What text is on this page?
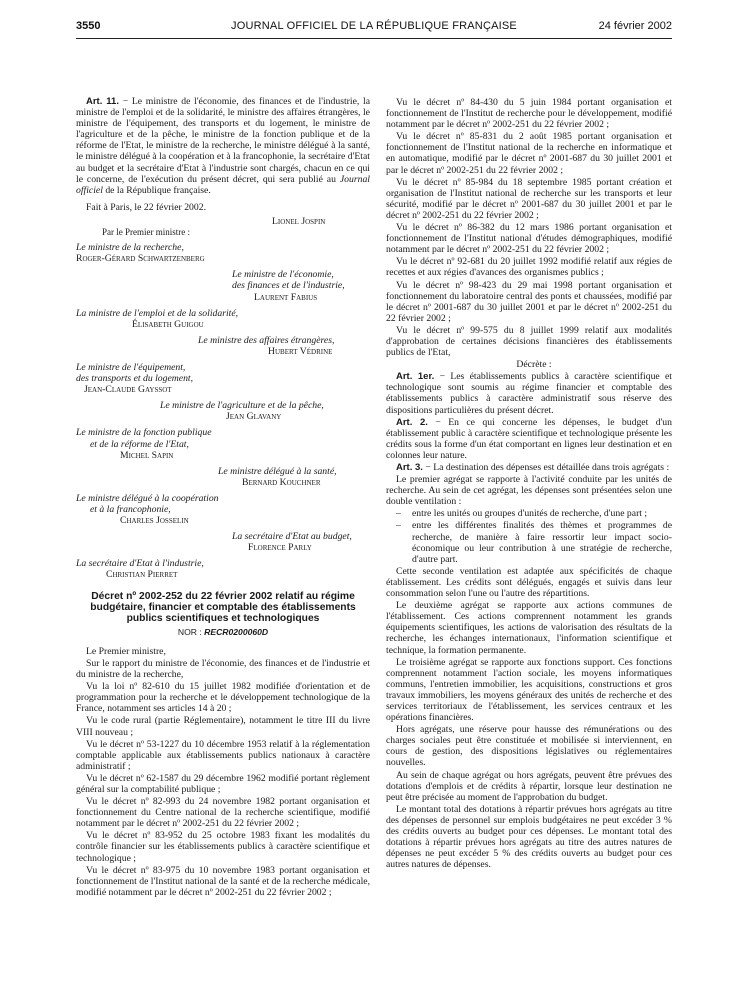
3550	JOURNAL OFFICIEL DE LA RÉPUBLIQUE FRANÇAISE	24 février 2002

Art. 11. − Le ministre de l'économie, des finances et de l'industrie, la ministre de l'emploi et de la solidarité, le ministre des affaires étrangères, le ministre de l'équipement, des transports et du logement, le ministre de l'agriculture et de la pêche, le ministre de la fonction publique et de la réforme de l'Etat, le ministre de la recherche, le ministre délégué à la santé, le ministre délégué à la coopération et à la francophonie, la secrétaire d'Etat au budget et la secrétaire d'Etat à l'industrie sont chargés, chacun en ce qui le concerne, de l'exécution du présent décret, qui sera publié au Journal officiel de la République française.

Fait à Paris, le 22 février 2002.

Lionel Jospin
Par le Premier ministre :
Le ministre de la recherche,
Roger-Gérard Schwartzenberg
Le ministre de l'économie,
des finances et de l'industrie,
Laurent Fabius
La ministre de l'emploi et de la solidarité,
Élisabeth Guigou
Le ministre des affaires étrangères,
Hubert Védrine
Le ministre de l'équipement,
des transports et du logement,
Jean-Claude Gayssot
Le ministre de l'agriculture et de la pêche,
Jean Glavany
Le ministre de la fonction publique
et de la réforme de l'Etat,
Michel Sapin
Le ministre délégué à la santé,
Bernard Kouchner
Le ministre délégué à la coopération
et à la francophonie,
Charles Josselin
La secrétaire d'Etat au budget,
Florence Parly
La secrétaire d'Etat à l'industrie,
Christian Pierret
Décret nº 2002-252 du 22 février 2002 relatif au régime budgétaire, financier et comptable des établissements publics scientifiques et technologiques
NOR : RECR0200060D

Le Premier ministre,

Sur le rapport du ministre de l'économie, des finances et de l'industrie et du ministre de la recherche,

Vu la loi nº 82-610 du 15 juillet 1982 modifiée d'orientation et de programmation pour la recherche et le développement technologique de la France, notamment ses articles 14 à 20 ;

Vu le code rural (partie Réglementaire), notamment le titre III du livre VIII nouveau ;

Vu le décret nº 53-1227 du 10 décembre 1953 relatif à la réglementation comptable applicable aux établissements publics nationaux à caractère administratif ;

Vu le décret nº 62-1587 du 29 décembre 1962 modifié portant règlement général sur la comptabilité publique ;

Vu le décret nº 82-993 du 24 novembre 1982 portant organisation et fonctionnement du Centre national de la recherche scientifique, modifié notamment par le décret nº 2002-251 du 22 février 2002 ;

Vu le décret nº 83-952 du 25 octobre 1983 fixant les modalités du contrôle financier sur les établissements publics à caractère scientifique et technologique ;

Vu le décret nº 83-975 du 10 novembre 1983 portant organisation et fonctionnement de l'Institut national de la santé et de la recherche médicale, modifié notamment par le décret nº 2002-251 du 22 février 2002 ;

Vu le décret nº 84-430 du 5 juin 1984 portant organisation et fonctionnement de l'Institut de recherche pour le développement, modifié notamment par le décret nº 2002-251 du 22 février 2002 ;

Vu le décret nº 85-831 du 2 août 1985 portant organisation et fonctionnement de l'Institut national de la recherche en informatique et en automatique, modifié par le décret nº 2001-687 du 30 juillet 2001 et par le décret nº 2002-251 du 22 février 2002 ;

Vu le décret nº 85-984 du 18 septembre 1985 portant création et organisation de l'Institut national de recherche sur les transports et leur sécurité, modifié par le décret nº 2001-687 du 30 juillet 2001 et par le décret nº 2002-251 du 22 février 2002 ;

Vu le décret nº 86-382 du 12 mars 1986 portant organisation et fonctionnement de l'Institut national d'études démographiques, modifié notamment par le décret nº 2002-251 du 22 février 2002 ;

Vu le décret nº 92-681 du 20 juillet 1992 modifié relatif aux régies de recettes et aux régies d'avances des organismes publics ;

Vu le décret nº 98-423 du 29 mai 1998 portant organisation et fonctionnement du laboratoire central des ponts et chaussées, modifié par le décret nº 2001-687 du 30 juillet 2001 et par le décret nº 2002-251 du 22 février 2002 ;

Vu le décret nº 99-575 du 8 juillet 1999 relatif aux modalités d'approbation de certaines décisions financières des établissements publics de l'Etat,

Décrète :

Art. 1er. − Les établissements publics à caractère scientifique et technologique sont soumis au régime financier et comptable des établissements publics à caractère administratif sous réserve des dispositions particulières du présent décret.

Art. 2. − En ce qui concerne les dépenses, le budget d'un établissement public à caractère scientifique et technologique présente les crédits sous la forme d'un état comportant en lignes leur destination et en colonnes leur nature.

Art. 3. − La destination des dépenses est détaillée dans trois agrégats :

Le premier agrégat se rapporte à l'activité conduite par les unités de recherche. Au sein de cet agrégat, les dépenses sont présentées selon une double ventilation :

– entre les unités ou groupes d'unités de recherche, d'une part ;
– entre les différentes finalités des thèmes et programmes de recherche, de manière à faire ressortir leur impact socio-économique ou leur contribution à une stratégie de recherche, d'autre part.

Cette seconde ventilation est adaptée aux spécificités de chaque établissement. Les crédits sont délégués, engagés et suivis dans leur consommation selon l'une ou l'autre des répartitions.

Le deuxième agrégat se rapporte aux actions communes de l'établissement. Ces actions comprennent notamment les grands équipements scientifiques, les actions de valorisation des résultats de la recherche, les échanges internationaux, l'information scientifique et technique, la formation permanente.

Le troisième agrégat se rapporte aux fonctions support. Ces fonctions comprennent notamment l'action sociale, les moyens informatiques communs, l'entretien immobilier, les acquisitions, constructions et gros travaux immobiliers, les moyens généraux des unités de recherche et des services territoriaux de l'établissement, les services centraux et les opérations financières.

Hors agrégats, une réserve pour hausse des rémunérations ou des charges sociales peut être constituée et mobilisée si interviennent, en cours de gestion, des dispositions législatives ou réglementaires nouvelles.

Au sein de chaque agrégat ou hors agrégats, peuvent être prévues des dotations d'emplois et de crédits à répartir, lorsque leur destination ne peut être précisée au moment de l'approbation du budget.

Le montant total des dotations à répartir prévues hors agrégats au titre des dépenses de personnel sur emplois budgétaires ne peut excéder 3 % des crédits ouverts au budget pour ces dépenses. Le montant total des dotations à répartir prévues hors agrégats au titre des autres natures de dépenses ne peut excéder 5 % des crédits ouverts au budget pour ces autres natures de dépenses.
